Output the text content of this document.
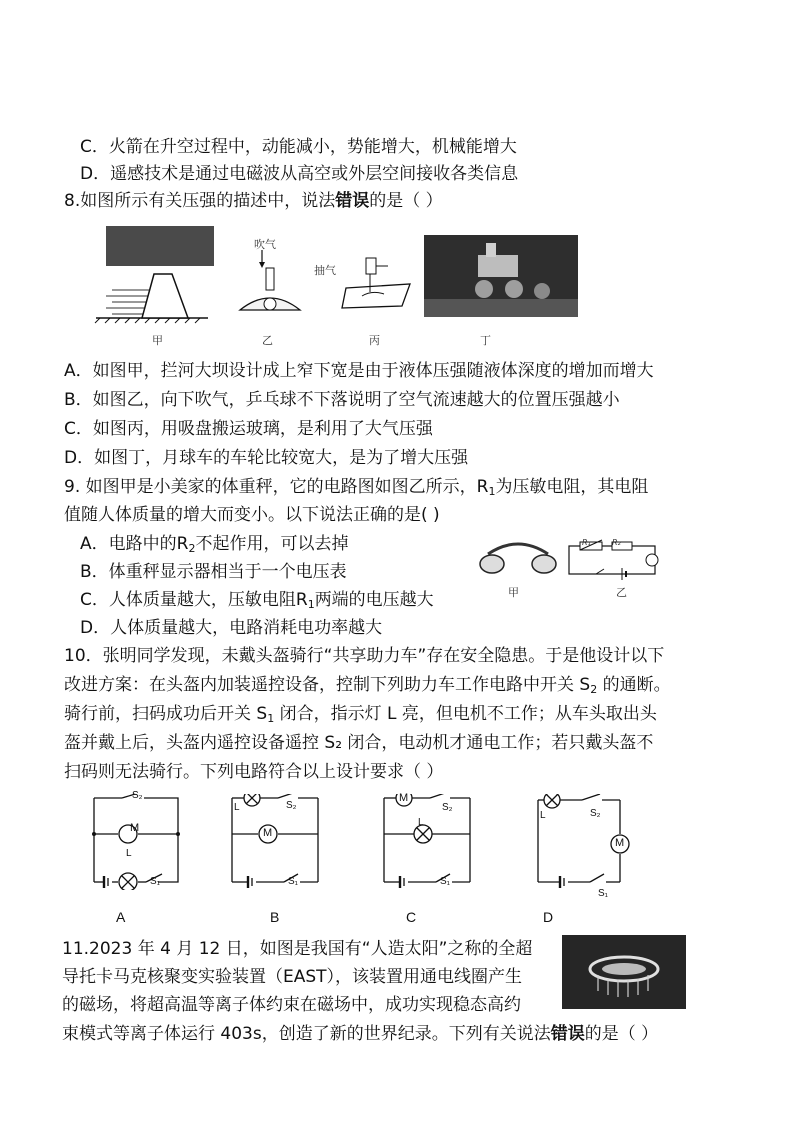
C．火箭在升空过程中，动能减小，势能增大，机械能增大
D．遥感技术是通过电磁波从高空或外层空间接收各类信息
8.如图所示有关压强的描述中，说法错误的是（ ）
甲
吹气
乙
抽气
丙	丁
A．如图甲，拦河大坝设计成上窄下宽是由于液体压强随液体深度的增加而增大
B．如图乙，向下吹气，乒乓球不下落说明了空气流速越大的位置压强越小
C．如图丙，用吸盘搬运玻璃，是利用了大气压强
D．如图丁，月球车的车轮比较宽大，是为了增大压强
9. 如图甲是小美家的体重秤，它的电路图如图乙所示，$R_1$为压敏电阻，其电阻
值随人体质量的增大而变小。以下说法正确的是( )
A．电路中的$R_2$不起作用，可以去掉
B．体重秤显示器相当于一个电压表
C．人体质量越大，压敏电阻$R_1$两端的电压越大
D．人体质量越大，电路消耗电功率越大
甲
R₁	R₂
乙
10．张明同学发现，未戴头盔骑行“共享助力车”存在安全隐患。于是他设计以下
改进方案：在头盔内加装遥控设备，控制下列助力车工作电路中开关 $S_2$ 的通断。
骑行前，扫码成功后开关 $S_1$ 闭合，指示灯 L 亮，但电机不工作；从车头取出头
盔并戴上后，头盔内遥控设备遥控 S₂ 闭合，电动机才通电工作；若只戴头盔不
扫码则无法骑行。下列电路符合以上设计要求（ ）
M
S₂
L
S₁
A
M
L	S₂
S₁
B
M
S₂
L
S₁
C
M
L	S₂
S₁
D
11.2023 年 4 月 12 日，如图是我国有“人造太阳”之称的全超
导托卡马克核聚变实验装置（EAST），该装置用通电线圈产生
的磁场，将超高温等离子体约束在磁场中，成功实现稳态高约
束模式等离子体运行 403s，创造了新的世界纪录。下列有关说法错误的是（ ）
